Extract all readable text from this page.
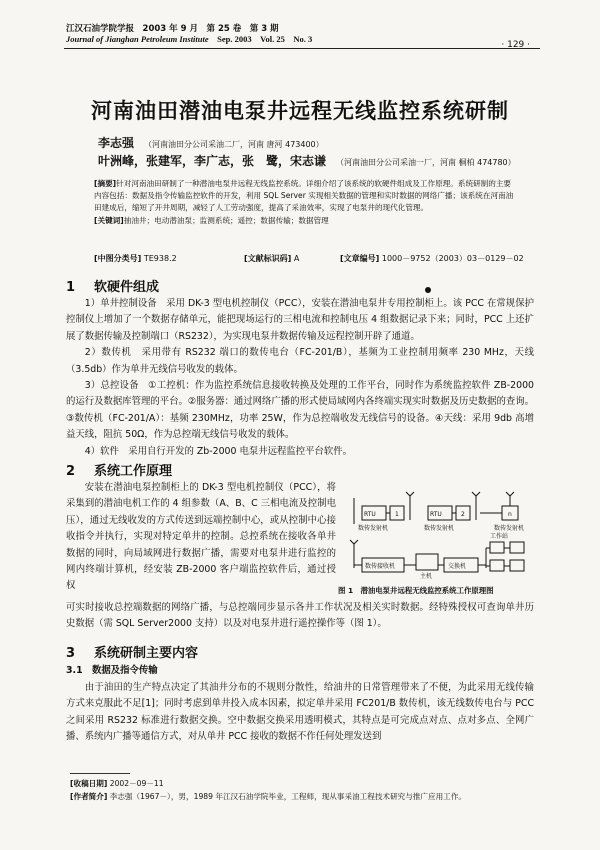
江汉石油学院学报　 2003 年 9 月　第 25 卷　第 3 期
Journal of Jianghan Petroleum Institute　 Sep. 2003　Vol. 25　No. 3
· 129 ·
河南油田潜油电泵井远程无线监控系统研制
李志强 （河南油田分公司采油二厂，河南 唐河 473400）
叶洲峰，张建军，李广志，张　鹭，宋志谦 （河南油田分公司采油一厂，河南 桐柏 474780）
[摘要]针对河南油田研制了一种潜油电泵井远程无线监控系统。详细介绍了该系统的软硬件组成及工作原理。系统研制的主要内容包括：数据及指令传输监控软件的开发，利用 SQL Server 实现相关数据的管理和实时数据的网络广播；该系统在河南油田建成后，缩短了开井周期，减轻了人工劳动强度，提高了采油效率，实现了电泵井的现代化管理。
[关键词]抽油井；电动潜油泵；监测系统；遥控；数据传输；数据管理
[中图分类号] TE938.2	[文献标识码] A	[文章编号] 1000－9752（2003）03－0129－02
1 软硬件组成

1）单井控制设备　采用 DK-3 型电机控制仪（PCC），安装在潜油电泵井专用控制柜上。该 PCC 在常规保护控制仪上增加了一个数据存储单元，能把现场运行的三相电流和控制电压 4 组数据记录下来；同时，PCC 上还扩展了数据传输及控制端口（RS232），为实现电泵井数据传输及远程控制开辟了通道。

2）数传机　采用带有 RS232 端口的数传电台（FC-201/B），基频为工业控制用频率 230 MHz，天线（3.5db）作为单井无线信号收发的载体。

3）总控设备　①工控机：作为监控系统信息接收转换及处理的工作平台，同时作为系统监控软件 ZB-2000 的运行及数据库管理的平台。②服务器：通过网络广播的形式使局域网内各终端实现实时数据及历史数据的查询。③数传机（FC-201/A）：基频 230MHz，功率 25W，作为总控端收发无线信号的设备。④天线：采用 9db 高增益天线，阻抗 50Ω，作为总控端无线信号收发的载体。

4）软件　采用自行开发的 Zb-2000 电泵井远程监控平台软件。

2 系统工作原理

安装在潜油电泵控制柜上的 DK-3 型电机控制仪（PCC），将采集到的潜油电机工作的 4 组参数（A、B、C 三相电流及控制电压），通过无线收发的方式传送到远端控制中心，或从控制中心接收指令并执行，实现对特定单井的控制。总控系统在接收各单井数据的同时，向局域网进行数据广播，需要对电泵井进行监控的网内终端计算机，经安装 ZB-2000 客户端监控软件后，通过授权

可实时接收总控端数据的网络广播，与总控端同步显示各井工作状况及相关实时数据。经特殊授权可查询单井历史数据（需 SQL Server2000 支持）以及对电泵井进行遥控操作等（图 1）。

RTU	1	RTU	2	n
数传发射机	数传发射机	数传发射机
数传接收机
主机
交换机
工作站
图 1　潜油电泵井远程无线监控系统工作原理图
3 系统研制主要内容
3.1　 数据及指令传输

由于油田的生产特点决定了其油井分布的不规则分散性，给油井的日常管理带来了不便，为此采用无线传输方式来克服此不足[1]；同时考虑到单井投入成本因素，拟定单井采用 FC201/B 数传机，该无线数传电台与 PCC 之间采用 RS232 标准进行数据交换。空中数据交换采用透明模式，其特点是可完成点对点、点对多点、全网广播、系统内广播等通信方式，对从单井 PCC 接收的数据不作任何处理发送到

[收稿日期] 2002－09－11
[作者简介] 李志强（1967－），男，1989 年江汉石油学院毕业，工程师，现从事采油工程技术研究与推广应用工作。
